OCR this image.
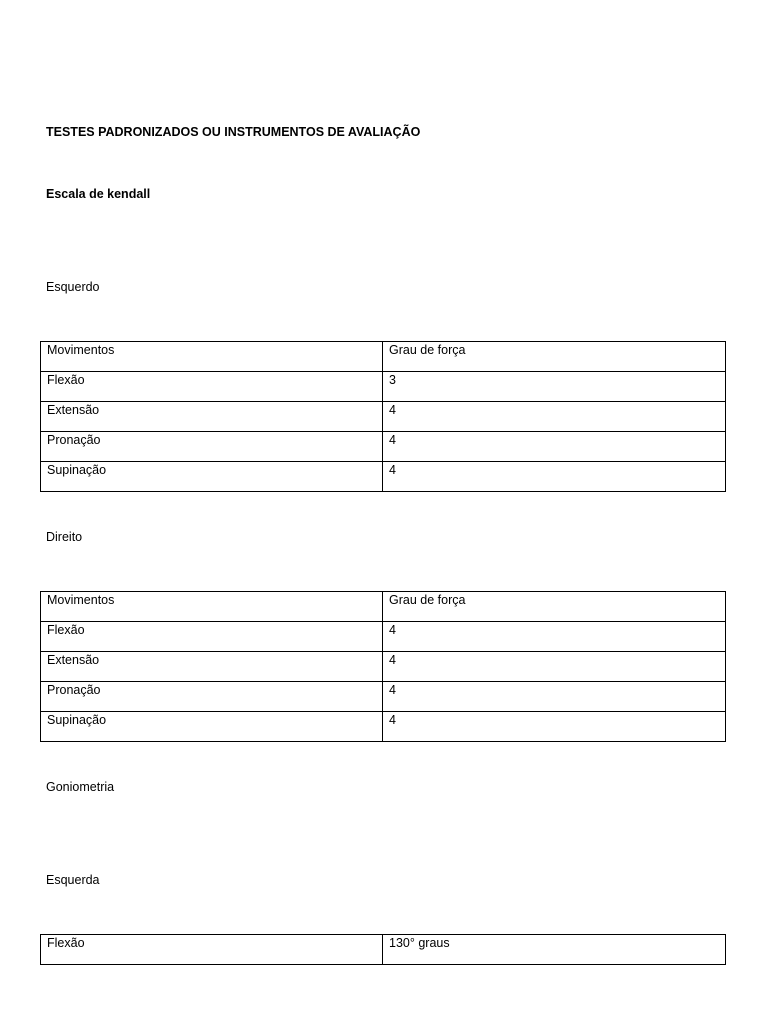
TESTES PADRONIZADOS OU INSTRUMENTOS DE AVALIAÇÃO

Escala de kendall

Esquerdo

Movimentos	Grau de força
Flexão	3
Extensão	4
Pronação	4
Supinação	4

Direito

Movimentos	Grau de força
Flexão	4
Extensão	4
Pronação	4
Supinação	4

Goniometria

Esquerda

Flexão	130° graus
